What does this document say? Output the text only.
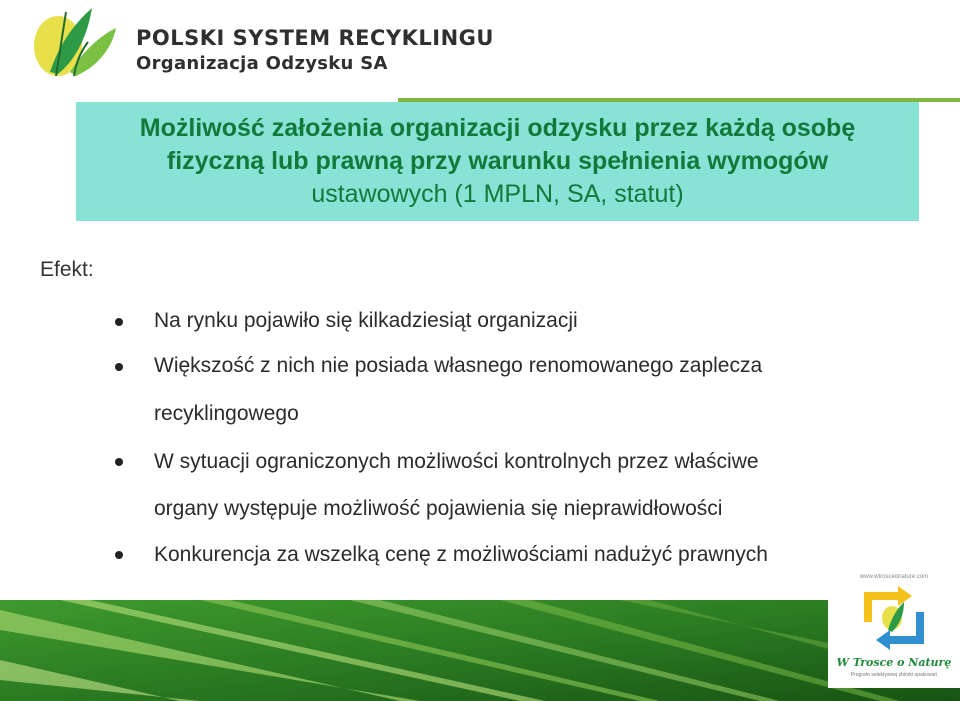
POLSKI SYSTEM RECYKLINGU
Organizacja Odzysku SA
Możliwość założenia organizacji odzysku przez każdą osobę
fizyczną lub prawną przy warunku spełnienia wymogów
ustawowych (1 MPLN, SA, statut)
Efekt:
Na rynku pojawiło się kilkadziesiąt organizacji
Większość z nich nie posiada własnego renomowanego zaplecza
recyklingowego
W sytuacji ograniczonych możliwości kontrolnych przez właściwe
organy występuje możliwość pojawienia się nieprawidłowości
Konkurencja za wszelką cenę z możliwościami nadużyć prawnych
www.wtrosceonature.com
W Trosce o Naturę
Program selektywnej zbiórki opakowań
